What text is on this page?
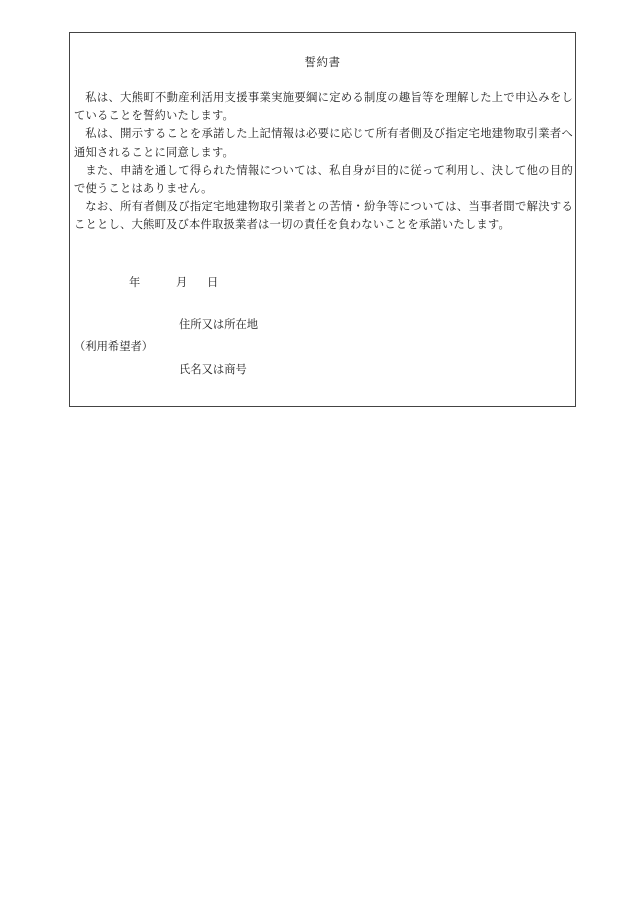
誓約書

私は、大熊町不動産利活用支援事業実施要綱に定める制度の趣旨等を理解した上で申込みをしていることを誓約いたします。

私は、開示することを承諾した上記情報は必要に応じて所有者側及び指定宅地建物取引業者へ通知されることに同意します。

また、申請を通して得られた情報については、私自身が目的に従って利用し、決して他の目的で使うことはありません。

なお、所有者側及び指定宅地建物取引業者との苦情・紛争等については、当事者間で解決することとし、大熊町及び本件取扱業者は一切の責任を負わないことを承諾いたします。

年	月 日
住所又は所在地
（利用希望者）
氏名又は商号
